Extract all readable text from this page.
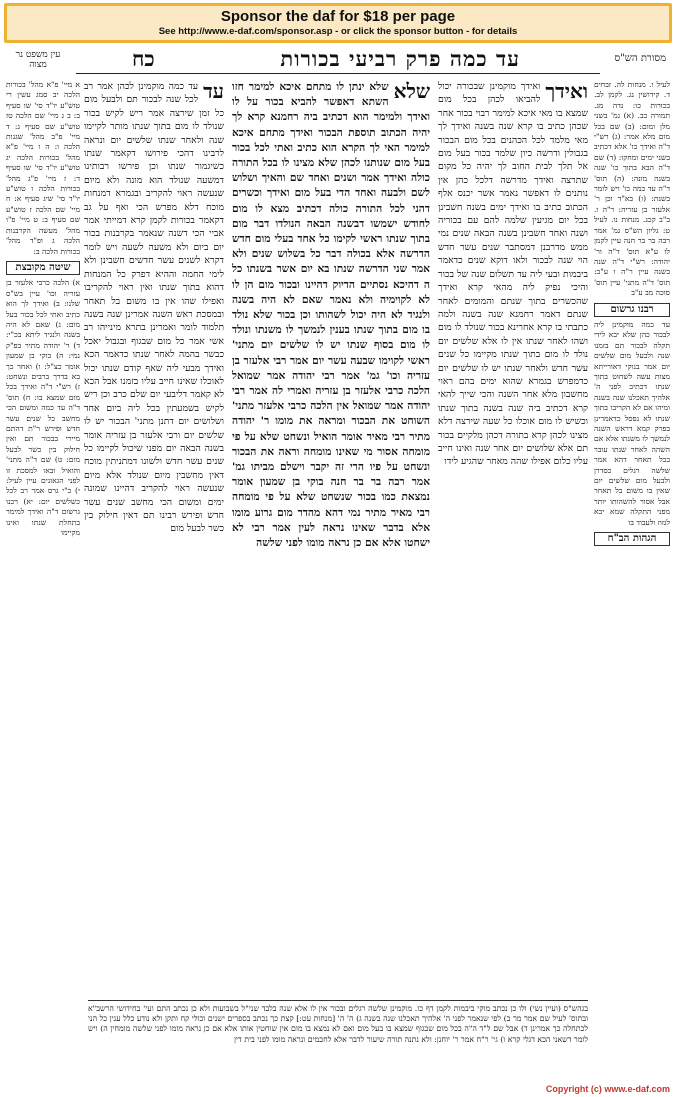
Sponsor the daf for $18 per page
See http://www.e-daf.com/sponsor.asp - or click the sponsor button - for details
מסורת הש"ס
עד כמה פרק רביעי בכורות
כח
עין משפט נר מצוה
לעיל ו. מנחות לה. זבחים ד. קידושין נג. לקמן לב. בכורות כו: נדה מג. תמורה כב. (א) גמ' בשני מלן ומום: (ב) שם בכל מום מלא אמר: (ג) רש"י ד"ה ואידך כו' אלא דכתיב בשני ימים ומחקו: (ד) שם ד"ה הבא בתוך כו' שנה בשנה מונה: (ה) תוס' ד"ה עד כמה כו' ויש לומר בשנת: (ו) בא"ד וכן ר' אלעזר בן עזריה: ר"ה ו. ב"ב קכג. מנחות נו. לעיל ט: גליון הש"ס גמ' אמר רבה בר בר חנה עיין לקמן לו ע"א תוס' ד"ה ור' יהודה: רש"י ד"ה שנה בשנה עיין ר"ה ו ע"ב: תוס' ד"ה מתני' עיין תוס' סוכה מב ע"ב
רבנו גרשום
עד כמה מוקמינן ליה לבכור כהן שלא יבא לידי תקלה לבכור תם בזמנו שנה ולבעל מום שלשים יום אמר בנוקי דאורייתא מצות עשה לשחוט בתוך שנתו דכתיב לפני ה' אלהיך תאכלנו שנה בשנה ומיהו אם לא הקריבו בתוך שנתו לא נפסל כדאמרינן בפרק קמא דראש השנה לנמשך לו משנתו אלא אם השהה לאחר שנתו עובר בבל תאחר דהא אמר שלשה רגלים כסדרן ולבעל מום שלשים יום שאין בו משום בל תאחר אבל אסור להשהותו יותר מפני התקלה שמא יבא לגזוז ולעבוד בו
הגהות הב"ח
ואידך
ואידך מוקמינן שבכורה יכול להביאו לכהן בכל מום שמצא בו מאי איכא למימר רבוי בכור אחר שכהן כתיב בו קרא שנה בשנה ואידך לך מאי מלמד לכל הכהנים בכל מום הבכור בגבולין ודרשה כיון שלמד בכור בעל מום אל תלך לבית החוב לך יהיה כל מקום שתרצה ואידך מדרשה דלכל כהן אין נותנים לו דאפשר נאמר אשר יכנס אלף הכתוב כתיב בו ואידך ימים בשנה חשבינן בכל יום מגיעין שלמה להם עם בכוריה ושנה ואחד חשבינן בשנה הבאה שנים נמי ממש מדרבנן דמסתבר שנים עשר חדש הוי שנה לבכור ולאו דוקא שנים כדאמר ביבמות ובעי ליה עד תשלום שנה של בכור והיכי נפיק ליה מהאי קרא ואידך שהכשרים בתוך שנתם והמומים לאחר שנתם דאמר רחמנא שנה בשנה ולמה כתבתי בו קרא אחרינא בכור שנולד לו מום ושהו לאחר שנתו אין לו אלא שלשים יום נולד לו מום בתוך שנתו מקיימו כל שנים עשר חדש ולאחר שנתו יש לו שלשים יום כדמפרש בגמרא שהוא ימים בהם ראוי מחשבון מלא אחר השנה והכי שייך להאי קרא דכתיב ביה שנה בשנה בתוך שנתו וכשיש לו מום אוכלו כל שעה שירצה דלא מצינו לכהן קרא בתורה דכהן מלקיים בכור תם אלא שלושים יום אחר שנה ואינו חייב עליו כלום אפילו שהה מאחר שהגיע לידו
שלא
שלא ינתן לו מתחם איכא למימר חזו השתא דאפשר להביא בכור על לו ואידך ולמימר הוא דכתיב ביה רחמנא קרא לך יהיה הכתוב תוספת הבכור ואידך מתחם איכא למימר האי לך הקרא הוא כתיב ואתי לכל בכור בעל מום שנותנו לכהן שלא מצינו לו בכל התורה כולה ואידך אמר ושנים ואחד שם והאיך ושלוש לשם ולבעה ואחד הדי בעל מום ואידך וכשרים דהני לכל התורה כולה דכתיב מצא לו מום לחודש ישמשו דבשנה הבאה הנולדו דבר מום בתוך שנתו ראשי לקימו כל אחד בעלי מום חדש הדרשה אלא בכולה דבר כל בשלוש שנים ולא אמר שני הדרשה שנתו בא יום אשר בשנתו כל ה דהיכא נסתיים הדיוק דהיינו ובכור מום הן לו לא לקוימיה ולא נאמר שאם לא היה בשנה ולנגיד לא היה יכול לשהותו וכן בכור שלא נולד בו מום בתוך שנתו בענין לנמשך לו משנתו ונולד לו מום בסוף שנתו יש לו שלשים יום מתני' ראשי לקוימו שבעה עשר יום אמר רבי אלעזר בן עזריה וכו' גמ' אמר רבי יהודה אמר שמואל הלכה כרבי אלעזר בן עזריה ואמרי לה אמר רבי יהודה אמר שמואל אין הלכה כרבי אלעזר מתני' השוחט את הבכור ומראה את מומו ר' יהודה מתיר רבי מאיר אומר הואיל ונשחט שלא על פי מומחה אסור מי שאינו מומחה וראה את הבכור ונשחט על פיו הרי זה יקבר וישלם מביתו גמ' אמר רבה בר בר חנה בוקי בן שמעון אומר נמצאת כמו בכור שנשחט שלא על פי מומחה רבי מאיר מתיר נמי דהא מהדר מום גרוע מומו אלא בדבר שאינו נראה לעין אמר רבי לא ישחטו אלא אם כן נראה מומו לפני שלשה
עד
עד כמה מוקמינן לכהן אמר רב לכל שנה לבכור תם ולבעל מום כל זמן שירצה אמר ריש לקיש בכור שנולד לו מום בתוך שנתו מותר לקיימו שנה ולאחר שנתו שלשים יום ונראה לרבינו דהכי פירושו דקאמר שנתו כשיגמור שנתו וכן פירשו רבותינו דמשעה שנולד הוא מונה ולא מיום שנעשה ראוי להקריב ובגמרא דמנחות מוכח דלא מפרש הכי ואף על גב דקאמר בכורות לקמן קרא דמייתי אמר אביי הכי דשנה שנאמר בקרבנות בכור יום ביום ולא משעה לשעה ויש לומר דקרא לשנים עשר חדשים חשבינן ולא לימי החמה וההיא דפרק כל המנחות דהוא בתוך שנתו ואין ראוי להקריבו ואפילו שהו אין בו משום בל תאחר ובמסכת ראש השנה אמרינן שנה בשנה תלמוד לומר ואמרינן בתרא מינייהו רב אשי אמר כל מום שבגוף ובגבול יאכל כבשר בהמה לאחר שנתו כדאמר הכא ואידך מבעי ליה שאף קודם שנתו יכול לאוכלו שאינו חייב עליו בזמנו אבל הכא לא קאמר דליבעי יום שלם כרב וכן ריש לקיש בשמעתין בכל ליה ביום אחד ושלושים יום דתנן מתני' הבכור יש לו שלשים יום ורבי אלעזר בן עזריה אומר בשנה הבאה יום מפני שיכול לקיימו כל שנים עשר חדש ולשונו דמתניתין מוכח דאין מחשבין מיום שנולד אלא מיום שנעשה ראוי להקריב דהיינו שמונה ימים ומשום הכי מחשב שנים עשר חדש ופירש רבינו תם דאין חילוק בין כשר לבעל מום
א מיי' פ"א מהל' בכורות הלכה יב סמג עשין רי טוש"ע יו"ד סי' שו סעיף ב: ב ג מיי' שם הלכה טז טוש"ע שם סעיף ג: ד מיי' פ"ב מהל' שגגות הלכה ו: ה ו מיי' פ"א מהל' בכורות הלכה יג טוש"ע יו"ד סי' שו סעיף ד: ז מיי' פ"ג מהל' בכורות הלכה ו טוש"ע יו"ד סי' שיג סעיף א: ח מיי' שם הלכה ז טוש"ע שם סעיף ב: ט מיי' פ"ו מהל' מעשה הקרבנות הלכה ג ופ"ד מהל' בכורות הלכה ב:
שיטה מקובצת
א) הלכה כרבי אלעזר בן עזריה וכו' עיין בש"ס שלנו: ב) ואידך לך הוא כתיב ואתי לכל בכור בעל מום: ג) שאם לא היה בשנה ולנגיד ליתא בכ"י: ד) ר' יהודה מתיר בפ"ק נמי: ה) בוקי בן שמעון אומר כצ"ל: ו) ואחר כך בא בדרך ברבים ונשחט: ז) רש"י ד"ה ואידך בכל מום שמצא בו: ח) תוס' ד"ה עד כמה ומשום הכי מחשב כל שנים עשר חדש ופירש ר"ת דהתם מיירי בבכור תם ואין חילוק בין כשר לבעל מום: ט) שם ד"ה מתני' והואיל ובאו למסכת זו לפני הגאונים עיין לעיל: י) כ"י גרס אמר רב לכל כשלשים יום: יא) רבנו גרשום ד"ה ואידך למימר בתחלת שנתו ואינו מקיימו
בגהש"ס (ועיין נשי) ולו כן נכתב מוקי ביבמות לקמן דף כו. מוקמינן שלשה רגלים ובכור אין לו אלא שנה בלבד שני"ל בשבועות ולא כן נכתב התם ועי' בחידושי הרשב"א ובתוס' לעיל שם אמר מר ב) לפי שנאמר לפני ה' אלהיך תאכלנו שנה בשנה ג) ה' ה' [מנחות עט:] קצת כך נכתב בספרים ישנים וכולי קח ותקן ולא נודע כלל ענין כל הני לכתחלה כך אמרינן ד) אבל שם ל"ד ה"ה בכל מום שבגוף שמצא בו בעל מום ואם לא נמצא בו מום אין שוחטין אותו אלא אם כן נראה מומו לפני שלשה מומחין ה) ויש לומר דשאני הכא דגלי קרא ו) גי' ר"ח אמר ר' יוחנן: ולא נתנה תורה שיעור לדבר אלא לחכמים ונראה מומו לפני בית דין
Copyright (c) www.e-daf.com
